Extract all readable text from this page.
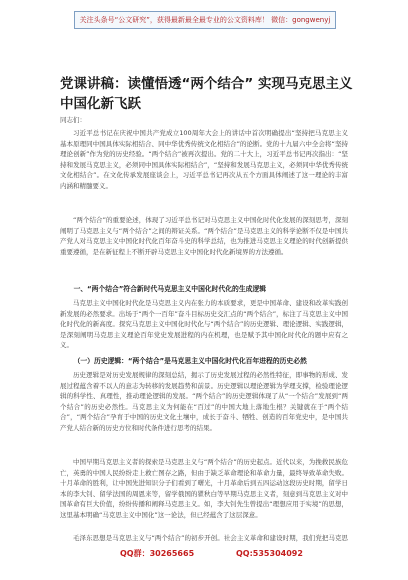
关注头条号“公文研究”，获得最新最全最专业的公文资料库！ 微信：gongwenyj
党课讲稿：读懂悟透“两个结合” 实现马克思主义中国化新飞跃
同志们：

习近平总书记在庆祝中国共产党成立100周年大会上的讲话中首次明确提出“坚持把马克思主义基本原理同中国具体实际相结合、同中华优秀传统文化相结合”的论断。党的十九届六中全会将“坚持理论创新”作为党的历史经验。“两个结合”被再次提出。党的二十大上，习近平总书记再次指出：“坚持和发展马克思主义，必须同中国具体实际相结合”，“坚持和发展马克思主义，必须同中华优秀传统文化相结合”。在文化传承发展座谈会上，习近平总书记再次从五个方面具体阐述了这一理论的丰富内涵和精髓要义。

“两个结合”的重要论述，体现了习近平总书记对马克思主义中国化时代化发展的深刻思考，深刻阐明了马克思主义与“两个结合”之间的辩证关系。“两个结合”是马克思主义的科学论断不仅是中国共产党人对马克思主义中国化时代化百年奋斗史的科学总结，也为推进马克思主义理论的时代创新提供重要遵循，是在新征程上不断开辟马克思主义中国化时代化新境界的方法遵循。

一、“两个结合”符合新时代马克思主义中国化时代化的生成逻辑

马克思主义中国化时代化是马克思主义内在张力的本质要求，更是中国革命、建设和改革实践创新发展的必然要求。出场于“两个一百年”奋斗目标历史交汇点的“两个结合”，标注了马克思主义中国化时代化的新高度。探究马克思主义中国化时代化与“两个结合”的历史逻辑、理论逻辑、实践逻辑，是深刻阐明马克思主义理论百年党史发展进程的内在机理，也是赋予其中国化时代化的题中应有之义。

（一）历史逻辑：“两个结合”是马克思主义中国化时代化百年进程的历史必然

历史逻辑是对历史发展规律的深刻总结，揭示了历史发展过程的必然性特征，即事物的形成、发展过程蕴含着不以人的意志为转移的发展趋势和前景。历史逻辑以理论逻辑为学理支撑，检验理论逻辑的科学性、真理性，推动理论逻辑的发展。“两个结合”的历史逻辑体现了从“一个结合”发展到“两个结合”的历史必然性。马克思主义为何能在“百过”的中国大地上落地生根？关键就在于“两个结合”，“两个结合”孕育于中国的历史文化土壤中，成长于奋斗、牺牲、创造的百年党史中，是中国共产党人结合新的历史方位和时代条件进行思考的结果。

中国早期马克思主义者的探索是马克思主义与“两个结合”的历史起点。近代以来，为挽救民族危亡，英勇的中国人民纷纷走上救亡图存之路，但由于缺乏革命理论和革命力量，最终导致革命失败。十月革命的胜利，让中国先进知识分子们看到了曙光，十月革命后到五四运动这段历史时期，留学日本的李大钊、留学法国的周恩来等，留学俄国的瞿秋白等早期马克思主义者，刻意到马克思主义对中国革命有巨大价值，纷纷传播和阐释马克思主义。如，李大钊先生曾提出“理想应用于实境”的思想，这里基本明确“马克思主义中国化”这一论法，但已经蕴含了这层深意。

毛泽东思想是马克思主义与“两个结合”的初步开创。社会主义革命和建设时期，我们党把马克思

QQ群：30265665	QQ:535304092
